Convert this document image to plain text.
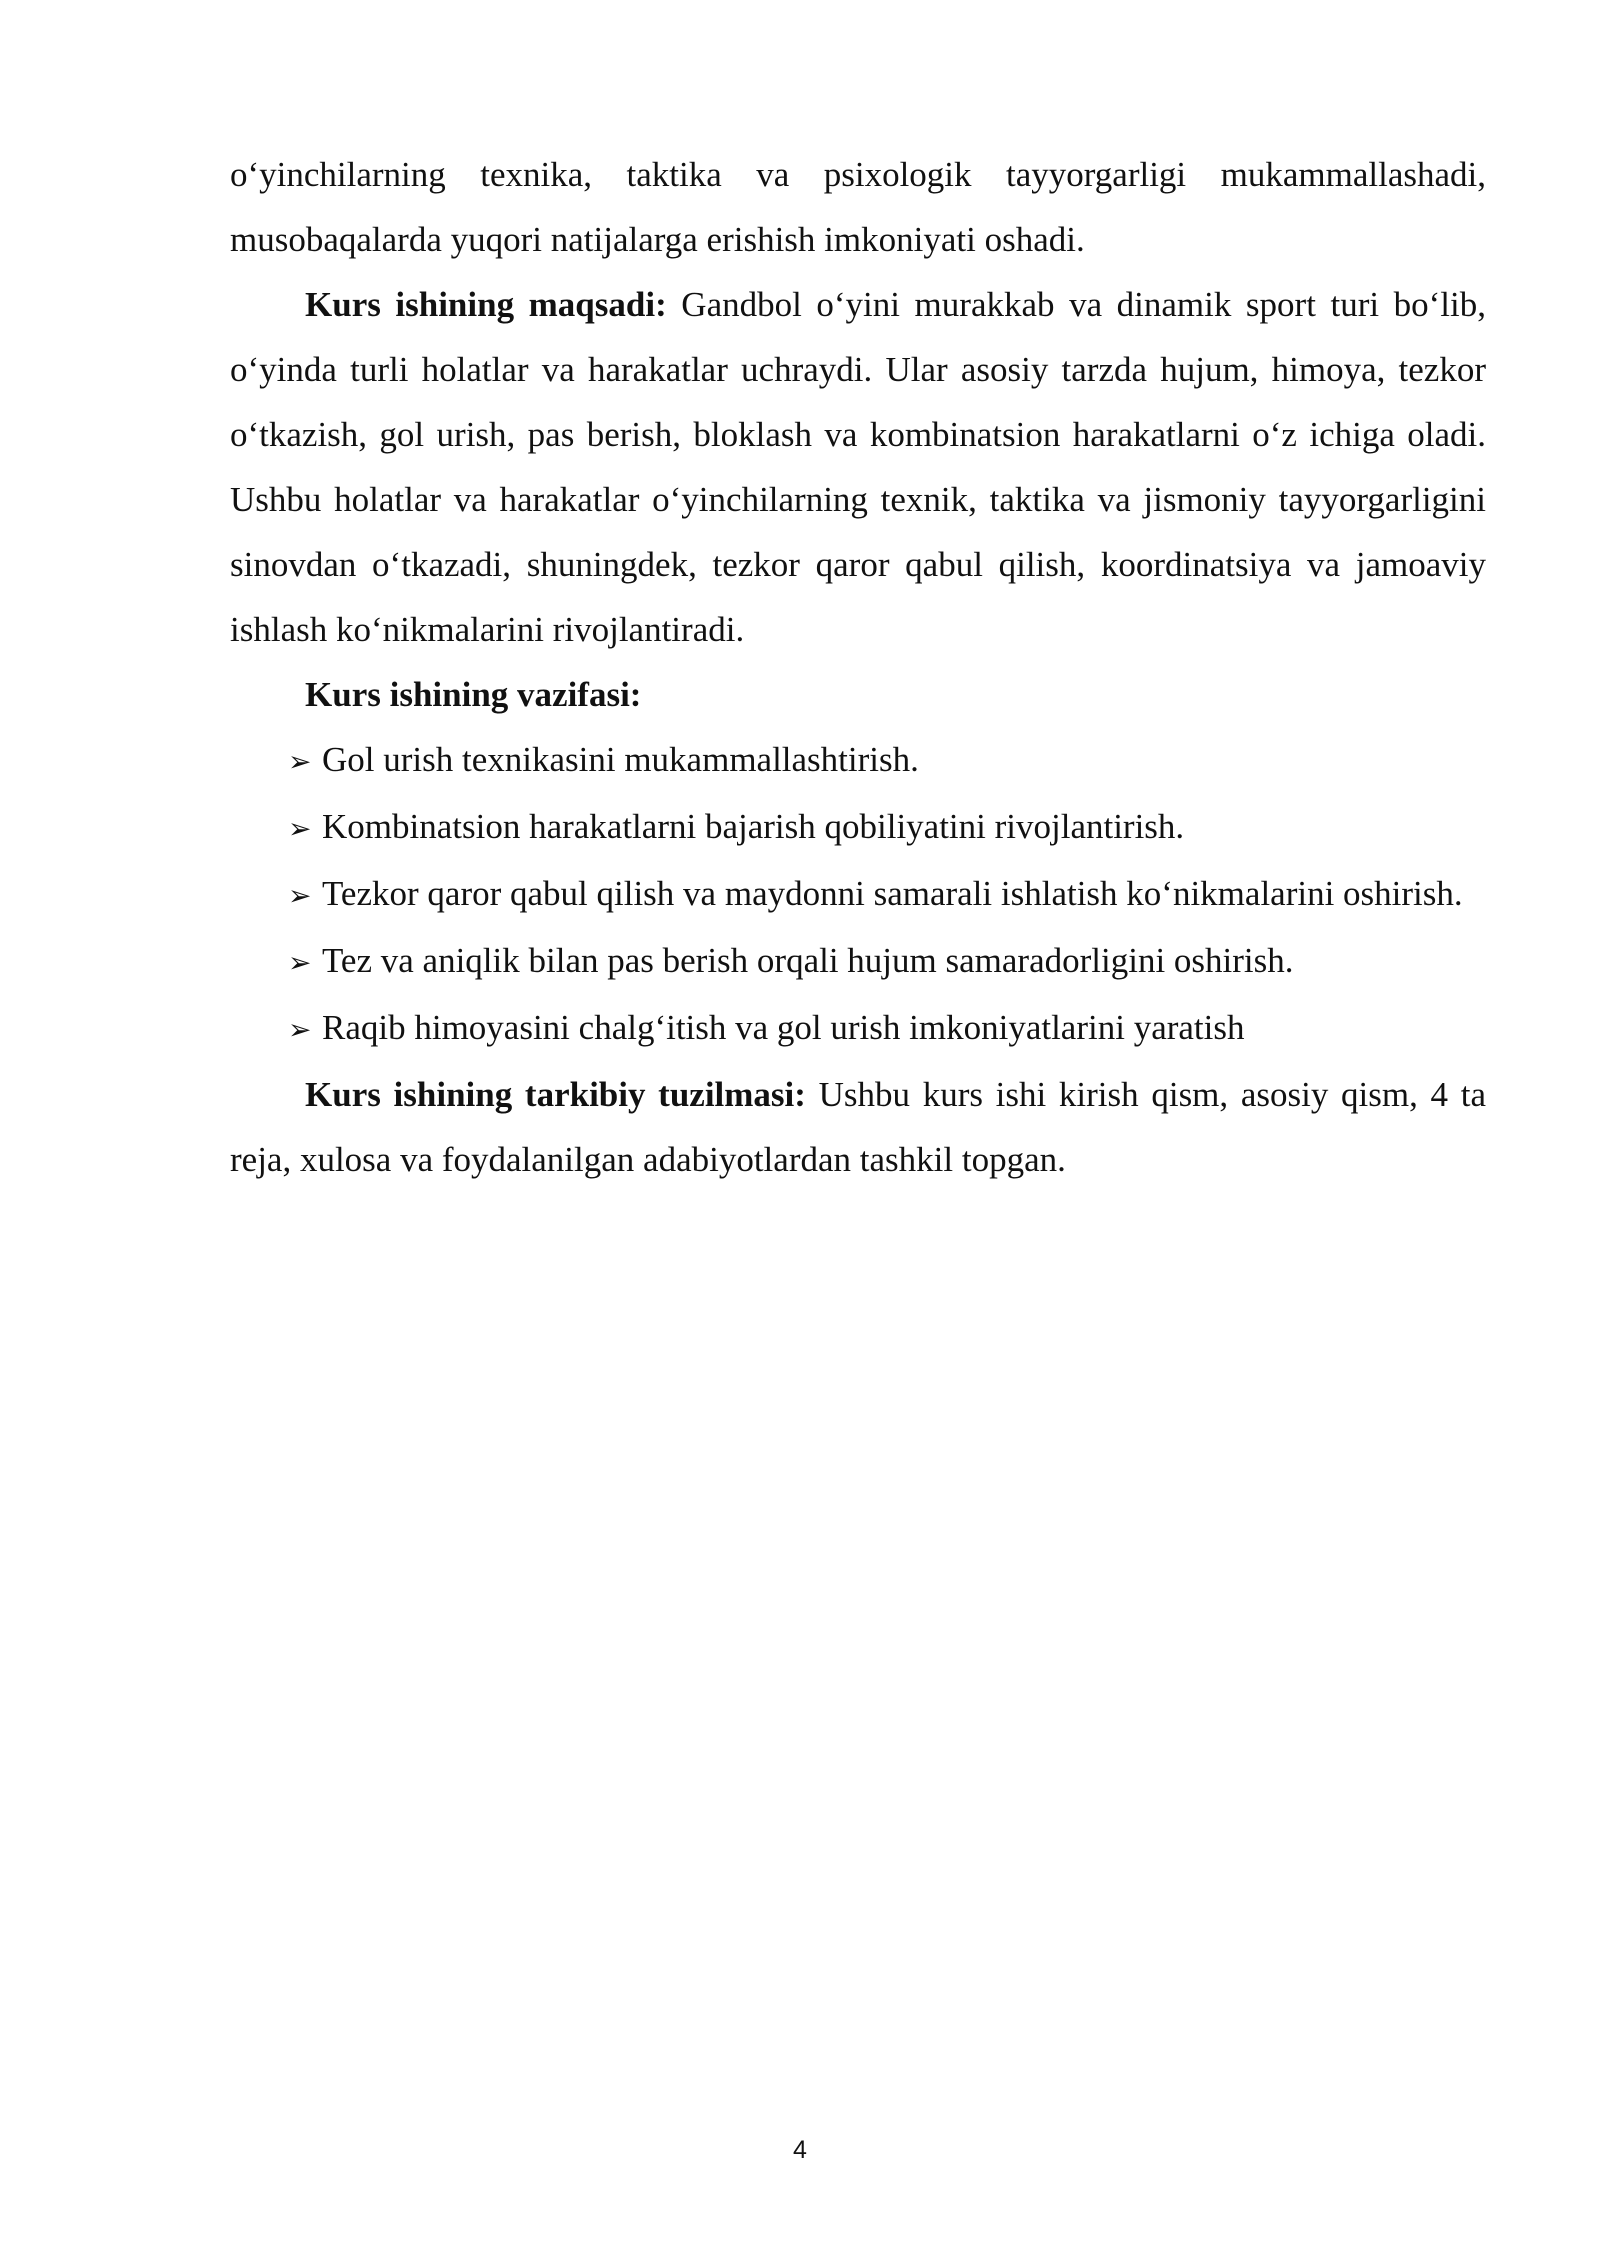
o‘yinchilarning texnika, taktika va psixologik tayyorgarligi mukammallashadi, musobaqalarda yuqori natijalarga erishish imkoniyati oshadi.

Kurs ishining maqsadi: Gandbol o‘yini murakkab va dinamik sport turi bo‘lib, o‘yinda turli holatlar va harakatlar uchraydi. Ular asosiy tarzda hujum, himoya, tezkor o‘tkazish, gol urish, pas berish, bloklash va kombinatsion harakatlarni o‘z ichiga oladi. Ushbu holatlar va harakatlar o‘yinchilarning texnik, taktika va jismoniy tayyorgarligini sinovdan o‘tkazadi, shuningdek, tezkor qaror qabul qilish, koordinatsiya va jamoaviy ishlash ko‘nikmalarini rivojlantiradi.

Kurs ishining vazifasi:

➢ Gol urish texnikasini mukammallashtirish.

➢ Kombinatsion harakatlarni bajarish qobiliyatini rivojlantirish.

➢ Tezkor qaror qabul qilish va maydonni samarali ishlatish ko‘nikmalarini oshirish.

➢ Tez va aniqlik bilan pas berish orqali hujum samaradorligini oshirish.

➢ Raqib himoyasini chalg‘itish va gol urish imkoniyatlarini yaratish

Kurs ishining tarkibiy tuzilmasi: Ushbu kurs ishi kirish qism, asosiy qism, 4 ta reja, xulosa va foydalanilgan adabiyotlardan tashkil topgan.

4
